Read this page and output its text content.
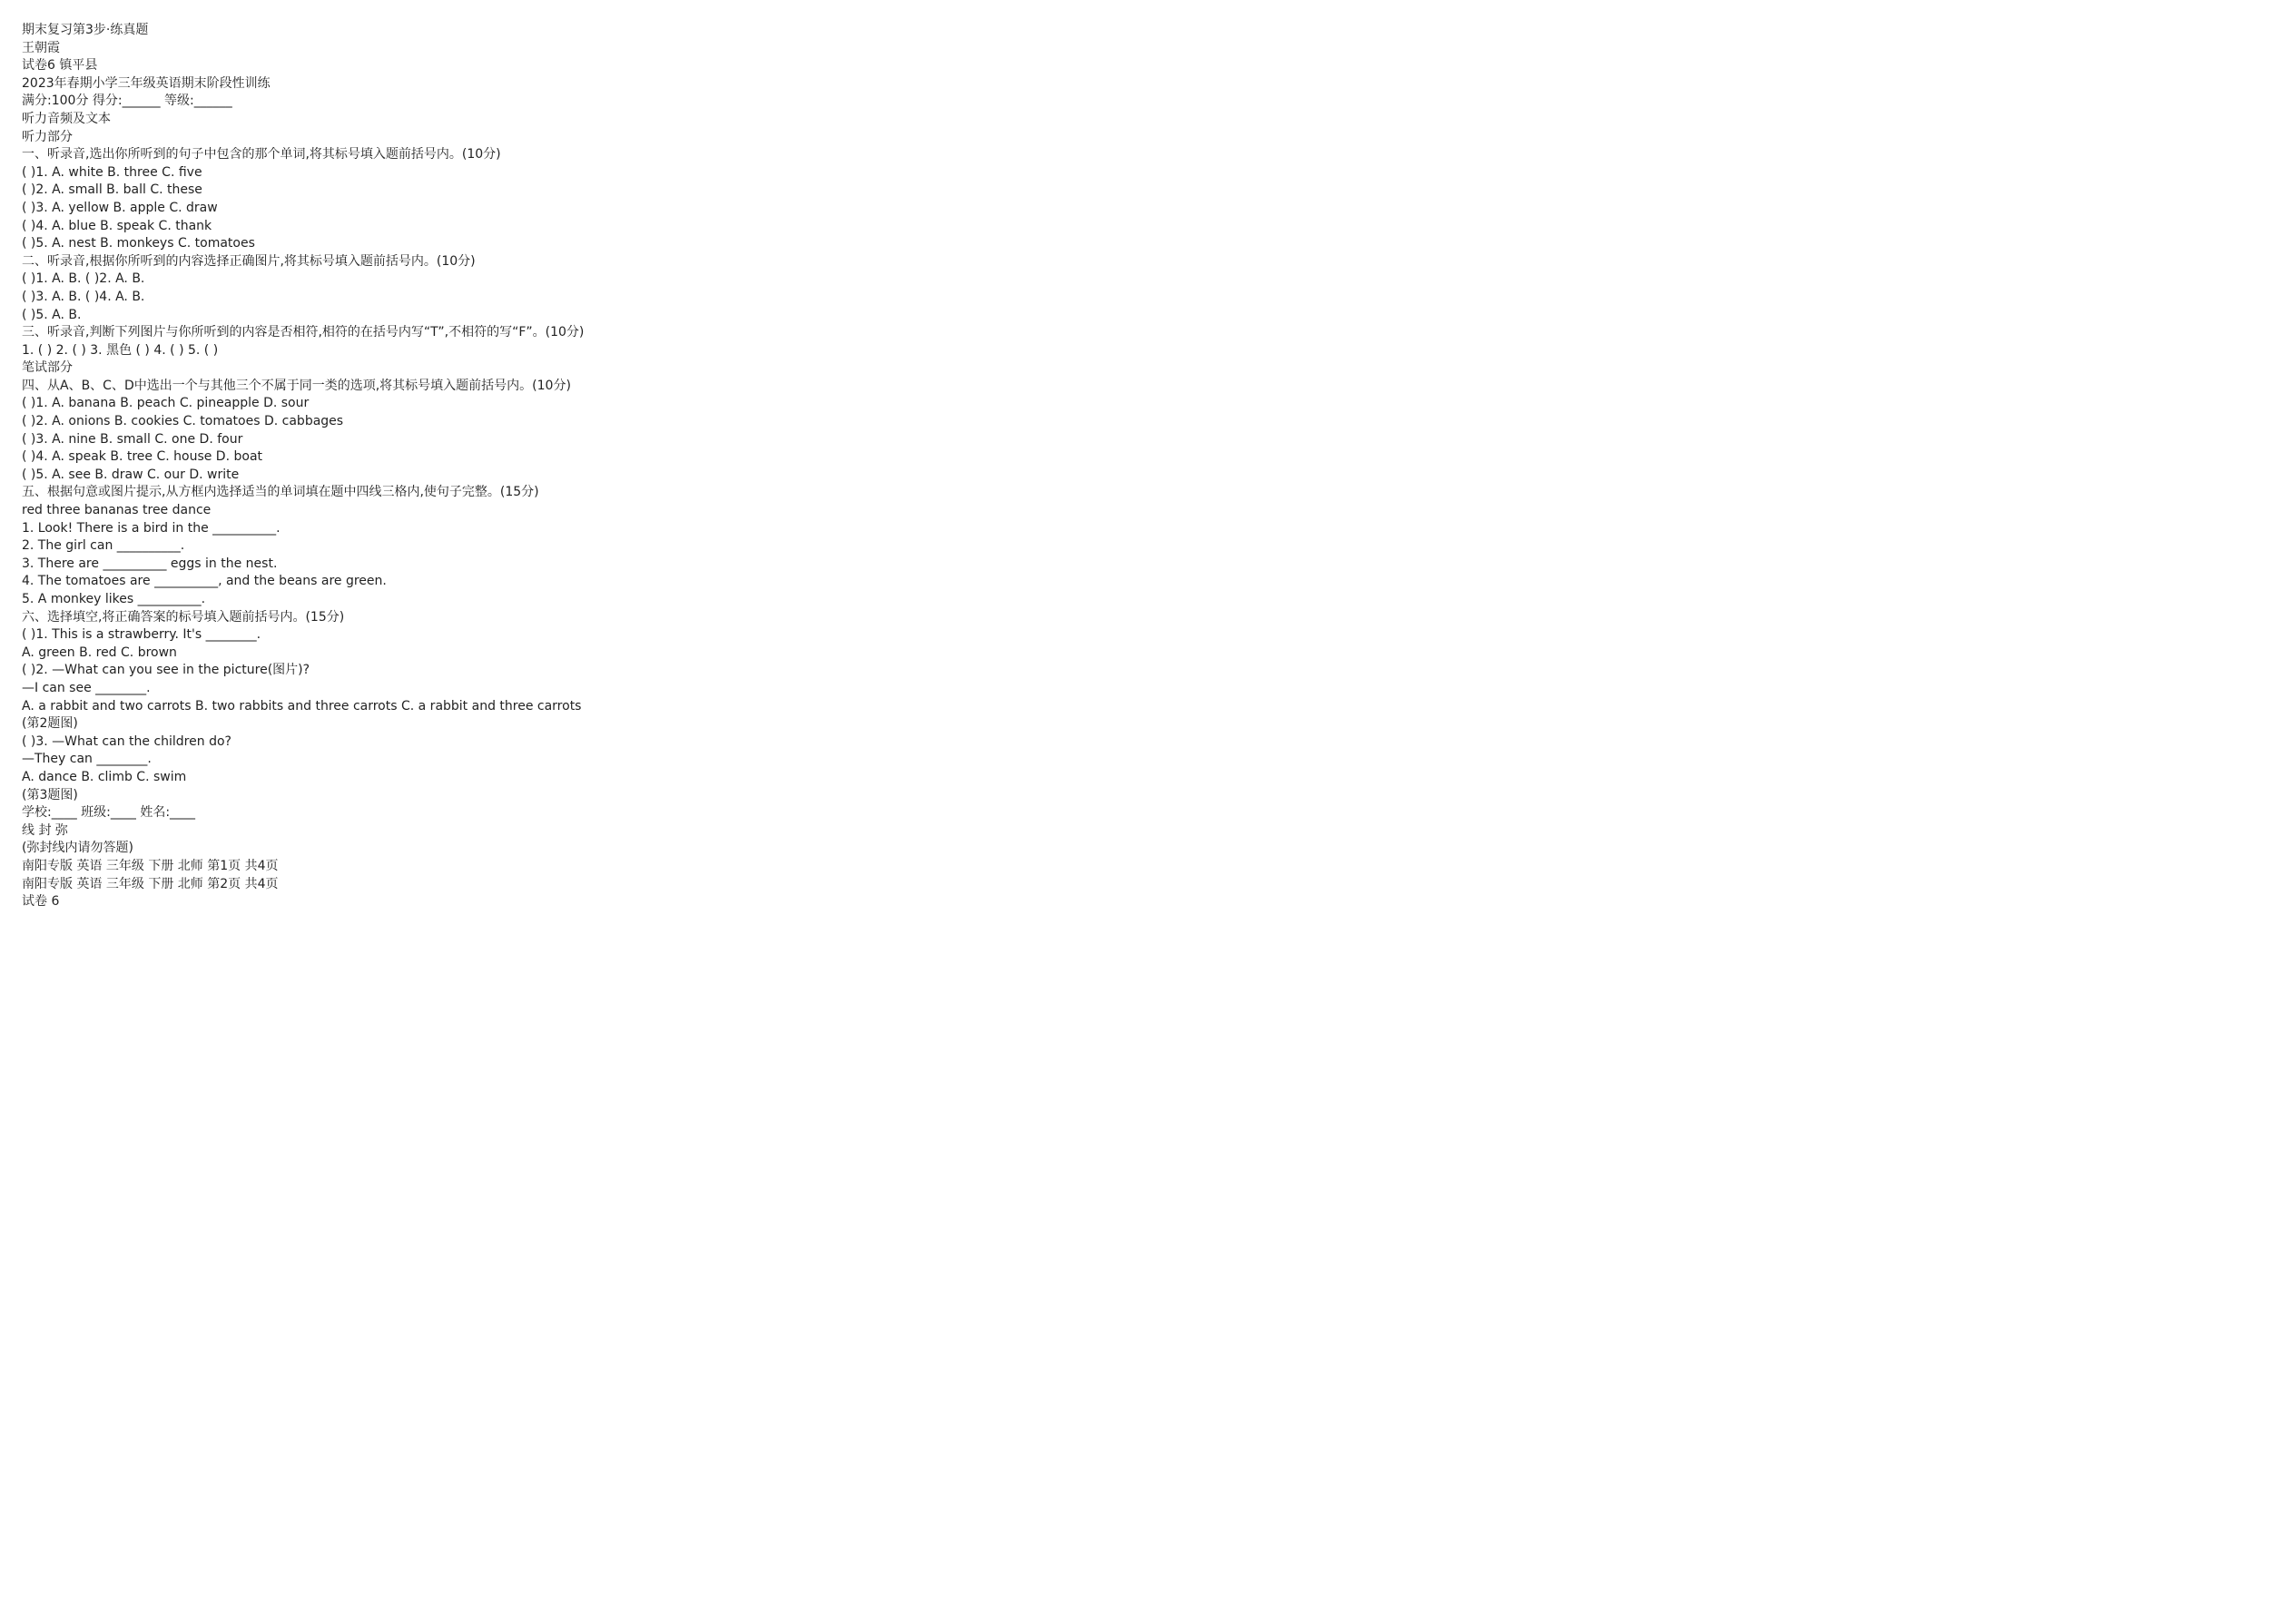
期末复习第3步·练真题
王朝霞
试卷6 镇平县
2023年春期小学三年级英语期末阶段性训练
满分:100分 得分:______ 等级:______
听力音频及文本
听力部分
一、听录音,选出你所听到的句子中包含的那个单词,将其标号填入题前括号内。(10分)
( )1. A. white B. three C. five
( )2. A. small B. ball C. these
( )3. A. yellow B. apple C. draw
( )4. A. blue B. speak C. thank
( )5. A. nest B. monkeys C. tomatoes
二、听录音,根据你所听到的内容选择正确图片,将其标号填入题前括号内。(10分)
( )1. A. B. ( )2. A. B.
( )3. A. B. ( )4. A. B.
( )5. A. B.
三、听录音,判断下列图片与你所听到的内容是否相符,相符的在括号内写“T”,不相符的写“F”。(10分)
1. ( ) 2. ( ) 3. 黑色 ( ) 4. ( ) 5. ( )
笔试部分
四、从A、B、C、D中选出一个与其他三个不属于同一类的选项,将其标号填入题前括号内。(10分)
( )1. A. banana B. peach C. pineapple D. sour
( )2. A. onions B. cookies C. tomatoes D. cabbages
( )3. A. nine B. small C. one D. four
( )4. A. speak B. tree C. house D. boat
( )5. A. see B. draw C. our D. write
五、根据句意或图片提示,从方框内选择适当的单词填在题中四线三格内,使句子完整。(15分)
red three bananas tree dance
1. Look! There is a bird in the __________.
2. The girl can __________.
3. There are __________ eggs in the nest.
4. The tomatoes are __________, and the beans are green.
5. A monkey likes __________.
六、选择填空,将正确答案的标号填入题前括号内。(15分)
( )1. This is a strawberry. It's ________.
A. green B. red C. brown
( )2. —What can you see in the picture(图片)?
—I can see ________.
A. a rabbit and two carrots B. two rabbits and three carrots C. a rabbit and three carrots
(第2题图)
( )3. —What can the children do?
—They can ________.
A. dance B. climb C. swim
(第3题图)
学校:____ 班级:____ 姓名:____
线 封 弥
(弥封线内请勿答题)
南阳专版 英语 三年级 下册 北师 第1页 共4页
南阳专版 英语 三年级 下册 北师 第2页 共4页
试卷 6
